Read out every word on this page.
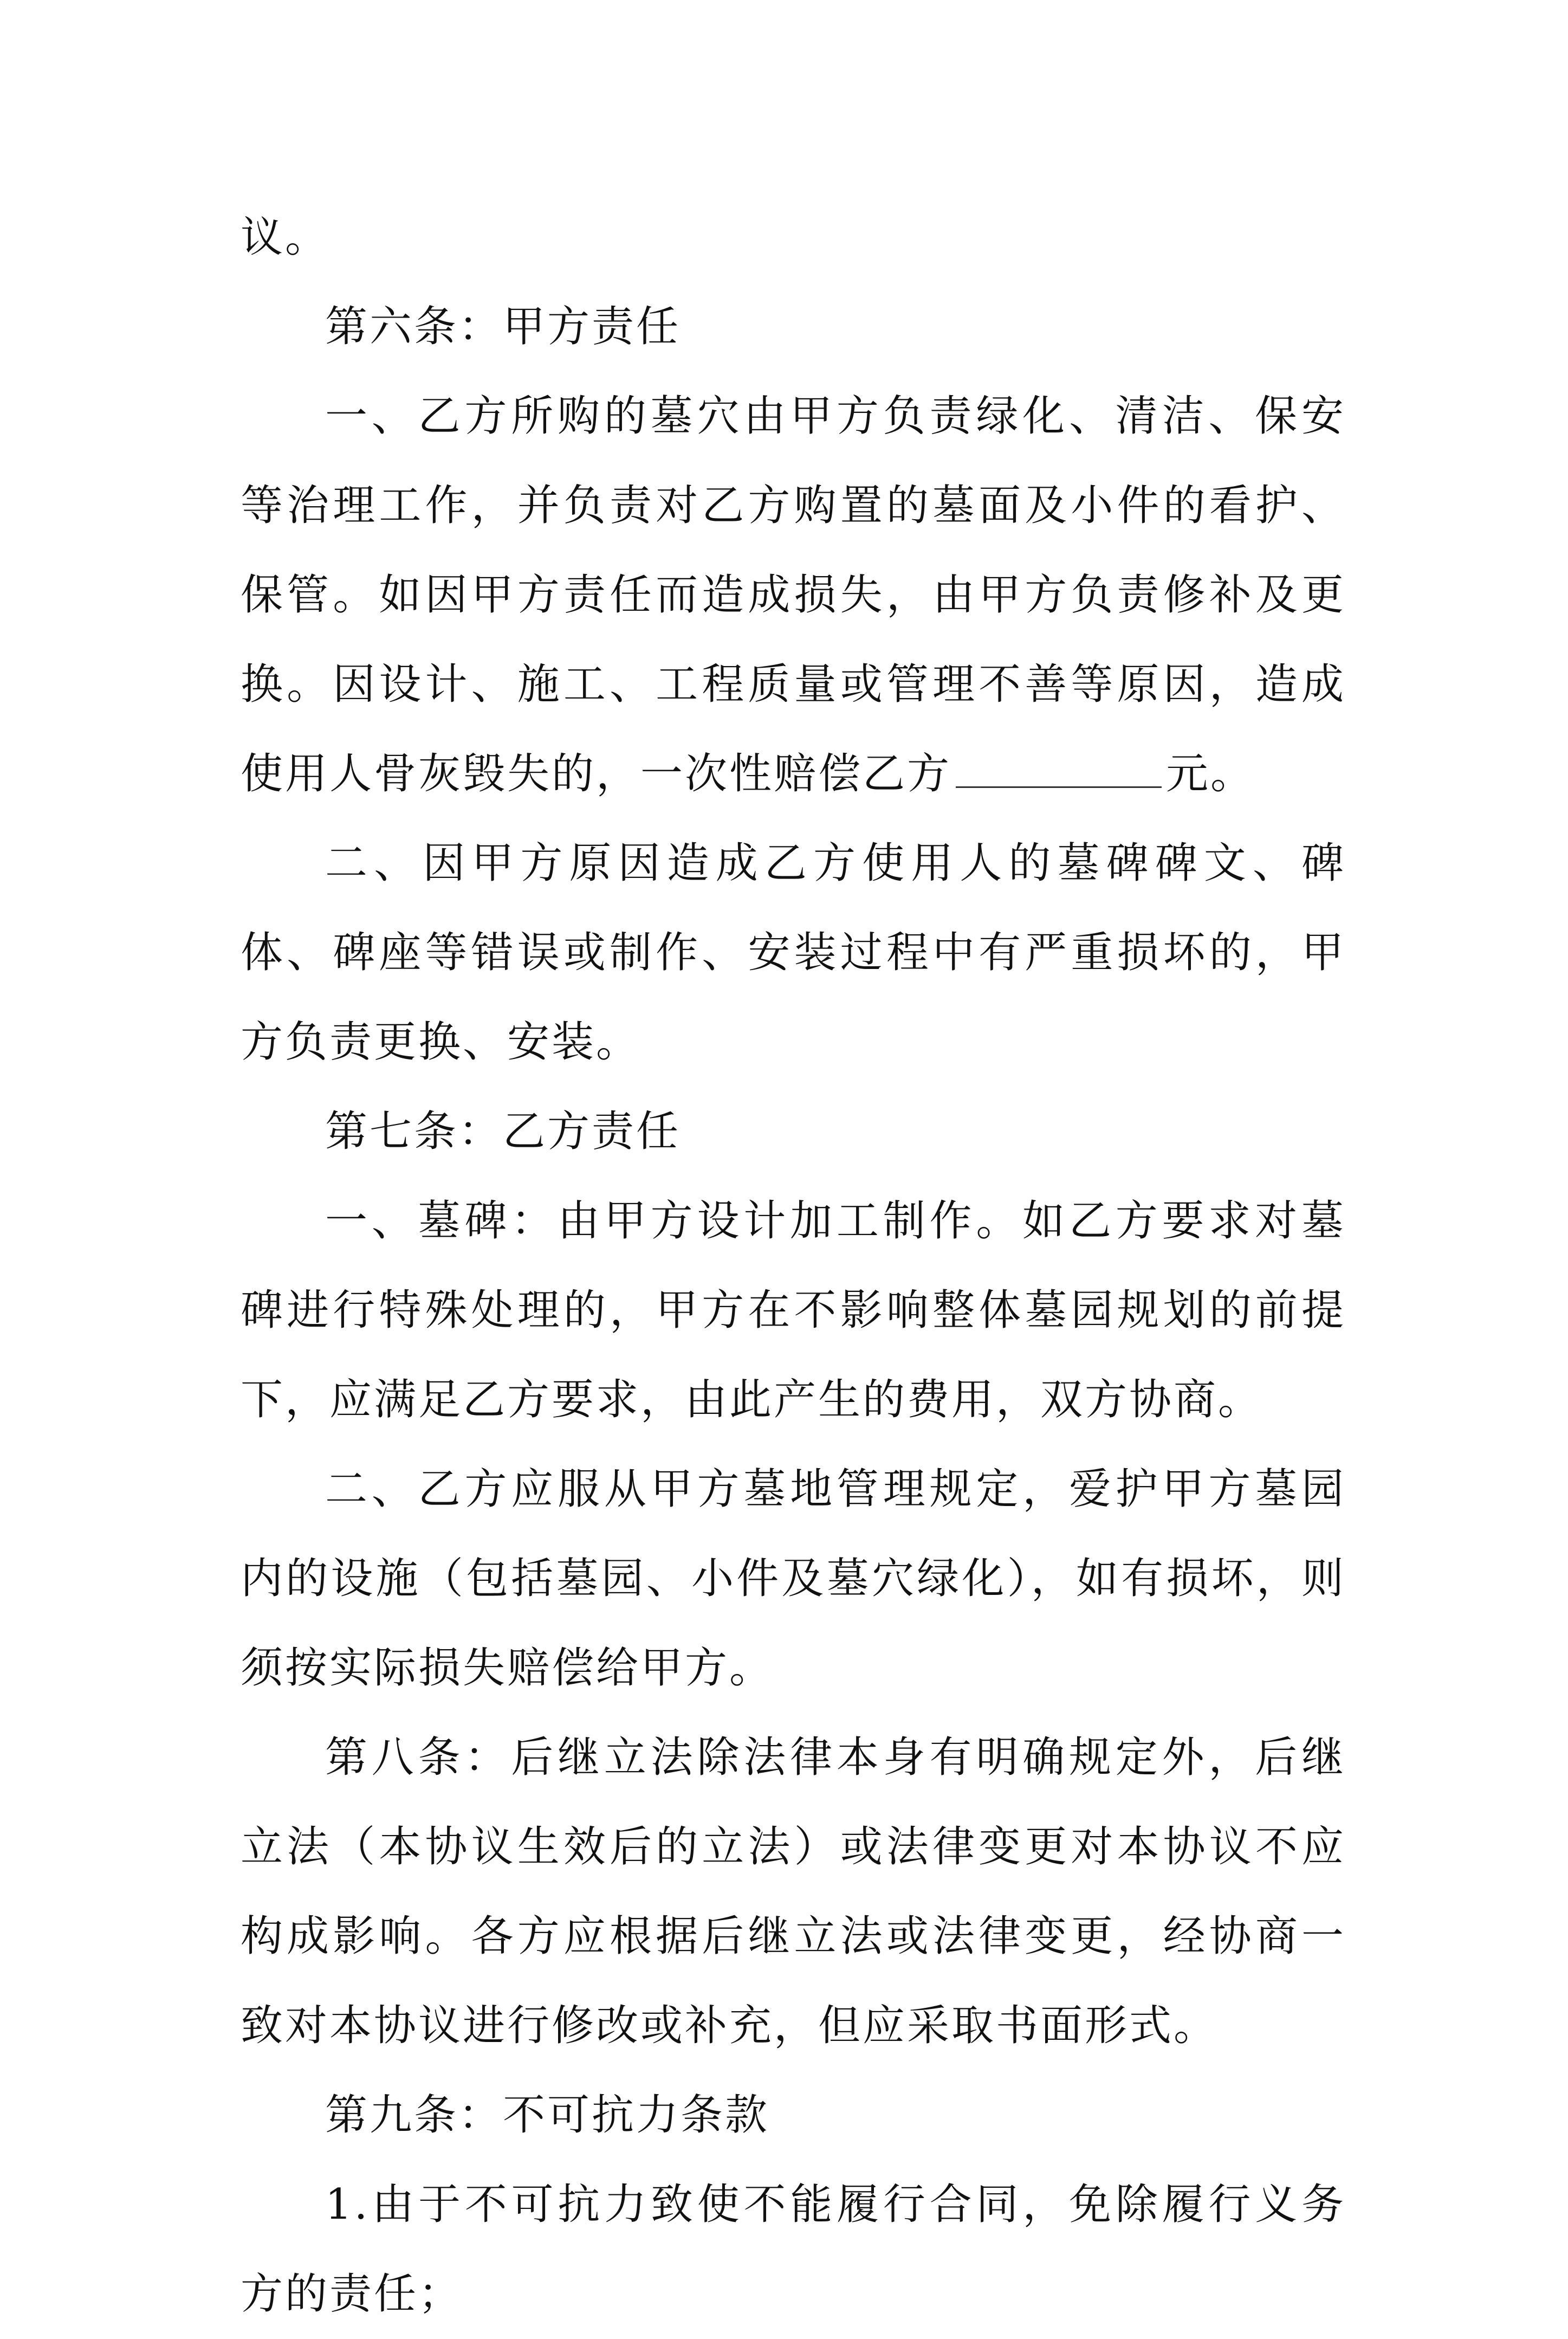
议。

第六条：甲方责任

一、乙方所购的墓穴由甲方负责绿化、清洁、保安等治理工作，并负责对乙方购置的墓面及小件的看护、保管。如因甲方责任而造成损失，由甲方负责修补及更换。因设计、施工、工程质量或管理不善等原因，造成使用人骨灰毁失的，一次性赔偿乙方	元。

二、因甲方原因造成乙方使用人的墓碑碑文、碑体、碑座等错误或制作、安装过程中有严重损坏的，甲方负责更换、安装。

第七条：乙方责任

一、墓碑：由甲方设计加工制作。如乙方要求对墓碑进行特殊处理的，甲方在不影响整体墓园规划的前提下，应满足乙方要求，由此产生的费用，双方协商。

二、乙方应服从甲方墓地管理规定，爱护甲方墓园内的设施（包括墓园、小件及墓穴绿化），如有损坏，则须按实际损失赔偿给甲方。

第八条：后继立法除法律本身有明确规定外，后继立法（本协议生效后的立法）或法律变更对本协议不应构成影响。各方应根据后继立法或法律变更，经协商一致对本协议进行修改或补充，但应采取书面形式。

第九条：不可抗力条款

1.由于不可抗力致使不能履行合同，免除履行义务方的责任；
